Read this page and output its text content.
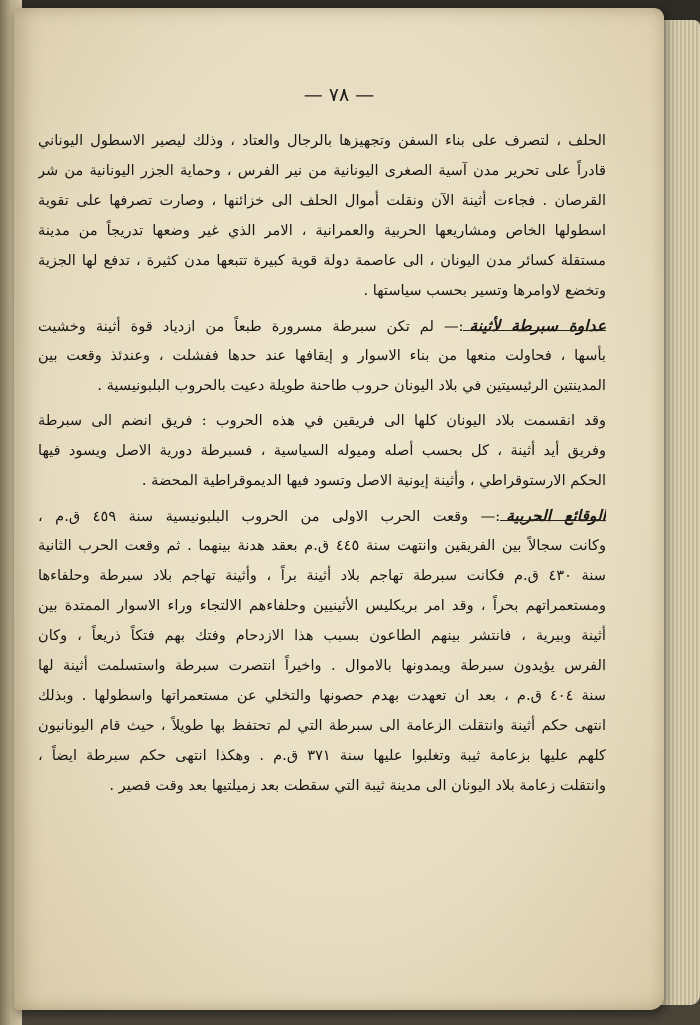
— ٧٨ —
الحلف ، لتصرف على بناء السفن وتجهيزها بالرجال والعتاد ، وذلك ليصير الاسطول اليوناني
قادراً على تحرير مدن آسية الصغرى اليونانية من نير الفرس ، وحماية الجزر اليونانية من شر
القرصان . فجاءت أثينة الآن ونقلت أموال الحلف الى خزائنها ، وصارت تصرفها على تقوية
اسطولها الخاص ومشاريعها الحربية والعمرانية ، الامر الذي غير وضعها تدريجاً من مدينة
مستقلة كسائر مدن اليونان ، الى عاصمة دولة قوية كبيرة تتبعها مدن كثيرة ، تدفع لها الجزية
وتخضع لاوامرها وتسير بحسب سياستها .
عداوة سبرطة لأثينة:— لم تكن سبرطة مسرورة طبعاً من ازدياد قوة أثينة وخشيت
بأسها ، فحاولت منعها من بناء الاسوار و إيقافها عند حدها ففشلت ، وعندئذ وقعت بين
المدينتين الرئيسيتين في بلاد اليونان حروب طاحنة طويلة دعيت بالحروب البلبونيسية .
وقد انقسمت بلاد اليونان كلها الى فريقين في هذه الحروب : فريق انضم الى سبرطة
وفريق أيد أثينة ، كل بحسب أصله وميوله السياسية ، فسبرطة دورية الاصل ويسود فيها
الحكم الارستوقراطي ، وأثينة إيونية الاصل وتسود فيها الديموقراطية المحضة .
الوقائع الحربية:— وقعت الحرب الاولى من الحروب البلبونيسية سنة ٤٥٩ ق.م ،
وكانت سجالاً بين الفريقين وانتهت سنة ٤٤٥ ق.م بعقد هدنة بينهما . ثم وقعت الحرب الثانية
سنة ٤٣٠ ق.م فكانت سبرطة تهاجم بلاد أثينة براً ، وأثينة تهاجم بلاد سبرطة وحلفاءها
ومستعمراتهم بحراً ، وقد امر بريكليس الأثينيين وحلفاءهم الالتجاء وراء الاسوار الممتدة بين
أثينة وبيرية ، فانتشر بينهم الطاعون بسبب هذا الازدحام وفتك بهم فتكاً ذريعاً ، وكان
الفرس يؤيدون سبرطة ويمدونها بالاموال . واخيراً انتصرت سبرطة واستسلمت أثينة لها
سنة ٤٠٤ ق.م ، بعد ان تعهدت بهدم حصونها والتخلي عن مستعمراتها واسطولها . وبذلك
انتهى حكم أثينة وانتقلت الزعامة الى سبرطة التي لم تحتفظ بها طويلاً ، حيث قام اليونانيون
كلهم عليها بزعامة ثيبة وتغلبوا عليها سنة ٣٧١ ق.م . وهكذا انتهى حكم سبرطة ايضاً ،
وانتقلت زعامة بلاد اليونان الى مدينة ثيبة التي سقطت بعد زميلتيها بعد وقت قصير .
